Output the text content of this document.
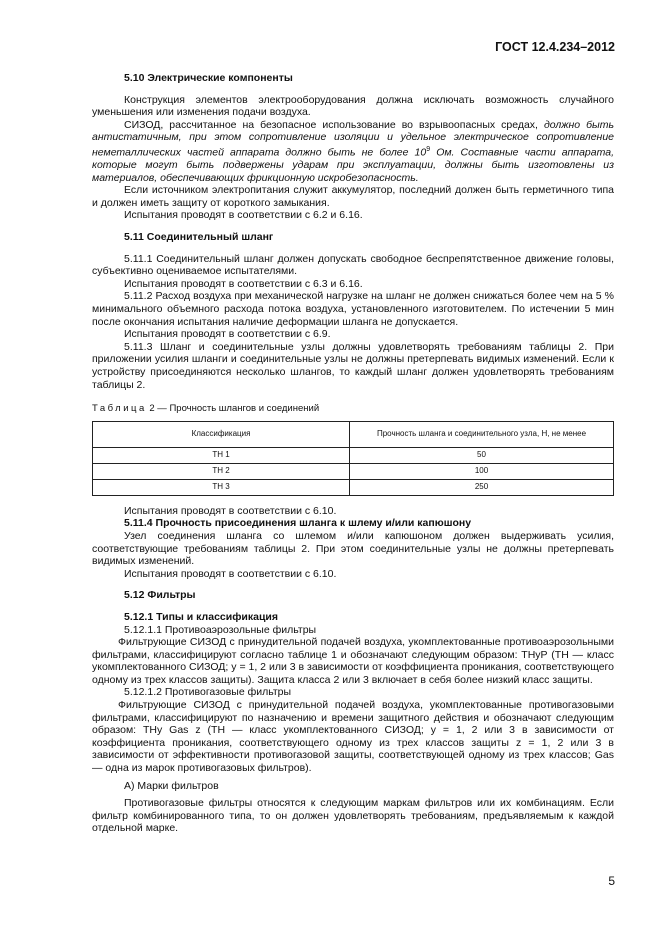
ГОСТ 12.4.234–2012

5.10 Электрические компоненты

Конструкция элементов электрооборудования должна исключать возможность случайного уменьшения или изменения подачи воздуха.

СИЗОД, рассчитанное на безопасное использование во взрывоопасных средах, должно быть антистатичным, при этом сопротивление изоляции и удельное электрическое сопротивление неметаллических частей аппарата должно быть не более $10^9$ Ом. Составные части аппарата, которые могут быть подвержены ударам при эксплуатации, должны быть изготовлены из материалов, обеспечивающих фрикционную искробезопасность.

Если источником электропитания служит аккумулятор, последний должен быть герметичного типа и должен иметь защиту от короткого замыкания.

Испытания проводят в соответствии с 6.2 и 6.16.

5.11 Соединительный шланг

5.11.1 Соединительный шланг должен допускать свободное беспрепятственное движение головы, субъективно оцениваемое испытателями.

Испытания проводят в соответствии с 6.3 и 6.16.

5.11.2 Расход воздуха при механической нагрузке на шланг не должен снижаться более чем на 5 % минимального объемного расхода потока воздуха, установленного изготовителем. По истечении 5 мин после окончания испытания наличие деформации шланга не допускается.

Испытания проводят в соответствии с 6.9.

5.11.3 Шланг и соединительные узлы должны удовлетворять требованиям таблицы 2. При приложении усилия шланги и соединительные узлы не должны претерпевать видимых изменений. Если к устройству присоединяются несколько шлангов, то каждый шланг должен удовлетворять требованиям таблицы 2.

Таблица 2 — Прочность шлангов и соединений

Классификация	Прочность шланга и соединительного узла, Н, не менее
ТН 1	50
ТН 2	100
ТН 3	250

Испытания проводят в соответствии с 6.10.

5.11.4 Прочность присоединения шланга к шлему и/или капюшону

Узел соединения шланга со шлемом и/или капюшоном должен выдерживать усилия, соответствующие требованиям таблицы 2. При этом соединительные узлы не должны претерпевать видимых изменений.

Испытания проводят в соответствии с 6.10.

5.12 Фильтры

5.12.1 Типы и классификация

5.12.1.1 Противоаэрозольные фильтры

Фильтрующие СИЗОД с принудительной подачей воздуха, укомплектованные противоаэрозольными фильтрами, классифицируют согласно таблице 1 и обозначают следующим образом: ТНуР (ТН — класс укомплектованного СИЗОД; у = 1, 2 или 3 в зависимости от коэффициента проникания, соответствующего одному из трех классов защиты). Защита класса 2 или 3 включает в себя более низкий класс защиты.

5.12.1.2 Противогазовые фильтры

Фильтрующие СИЗОД с принудительной подачей воздуха, укомплектованные противогазовыми фильтрами, классифицируют по назначению и времени защитного действия и обозначают следующим образом: ТНу Gas z (ТН — класс укомплектованного СИЗОД; у = 1, 2 или 3 в зависимости от коэффициента проникания, соответствующего одному из трех классов защиты z = 1, 2 или 3 в зависимости от эффективности противогазовой защиты, соответствующей одному из трех классов; Gas — одна из марок противогазовых фильтров).

А) Марки фильтров

Противогазовые фильтры относятся к следующим маркам фильтров или их комбинациям. Если фильтр комбинированного типа, то он должен удовлетворять требованиям, предъявляемым к каждой отдельной марке.

5
